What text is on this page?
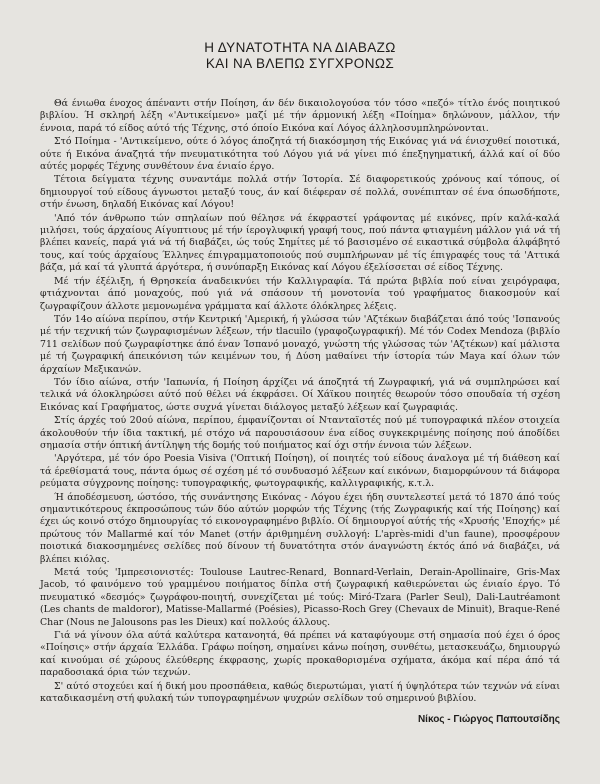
Η ΔΥΝΑΤΟΤΗΤΑ ΝΑ ΔΙΑΒΑΖΩ
ΚΑΙ ΝΑ ΒΛΕΠΩ ΣΥΓΧΡΟΝΩΣ

Θά ένιωθα ένοχος άπέναντι στήν Ποίηση, άν δέν δικαιολογούσα τόν τόσο «πεζό» τίτλο ένός ποιητικού βιβλίου. Ή σκληρή λέξη «'Αντικείμενο» μαζί μέ τήν άρμονική λέξη «Ποίημα» δηλώνουν, μάλλον, τήν έννοια, παρά τό είδος αύτό τής Τέχνης, στό όποίο Εικόνα καί Λόγος άλληλοσυμπληρώνονται.

Στό Ποίημα - 'Αντικείμενο, ούτε ό λόγος άποζητά τή διακόσμηση τής Εικόνας γιά νά ένισχυθεί ποιοτικά, ούτε ή Εικόνα άναζητά τήν πνευματικότητα τού Λόγου γιά νά γίνει πιό έπεξηγηματική, άλλά καί οί δύο αύτές μορφές Τέχνης συνθέτουν ένα ένιαίο έργο.

Τέτοια δείγματα τέχνης συναντάμε πολλά στήν Ίστορία. Σέ διαφορετικούς χρόνους καί τόπους, οί δημιουργοί τού είδους άγνωστοι μεταξύ τους, άν καί διέφεραν σέ πολλά, συνέπιπταν σέ ένα όπωσδήποτε, στήν ένωση, δηλαδή Εικόνας καί Λόγου!

'Από τόν άνθρωπο τών σπηλαίων πού θέλησε νά έκφραστεί γράφοντας μέ εικόνες, πρίν καλά-καλά μιλήσει, τούς άρχαίους Αίγυπτιους μέ τήν ίερογλυφική γραφή τους, πού πάντα φτιαγμένη μάλλον γιά νά τή βλέπει κανείς, παρά γιά νά τή διαβάζει, ώς τούς Σημίτες μέ τό βασισμένο σέ εικαστικά σύμβολα άλφάβητό τους, καί τούς άρχαίους Έλληνες έπιγραμματοποιούς πού συμπλήρωναν μέ τίς έπιγραφές τους τά 'Αττικά βάζα, μά καί τά γλυπτά άργότερα, ή συνύπαρξη Εικόνας καί Λόγου έξελίσσεται σέ είδος Τέχνης.

Μέ τήν έξέλιξη, ή Θρησκεία άναδεικνύει τήν Καλλιγραφία. Τά πρώτα βιβλία πού είναι χειρόγραφα, φτιάχνονται άπό μοναχούς, πού γιά νά σπάσουν τή μονοτονία τού γραφήματος διακοσμούν καί ζωγραφίζουν άλλοτε μεμονωμένα γράμματα καί άλλοτε όλόκληρες λέξεις.

Τόν 14ο αίώνα περίπου, στήν Κεντρική 'Αμερική, ή γλώσσα τών 'Αζτέκων διαβάζεται άπό τούς 'Ισπανούς μέ τήν τεχνική τών ζωγραφισμένων λέξεων, τήν tlacuilo (γραφοζωγραφική). Μέ τόν Codex Mendoza (βιβλίο 711 σελίδων πού ζωγραφίστηκε άπό έναν Ίσπανό μοναχό, γνώστη τής γλώσσας τών 'Αζτέκων) καί μάλιστα μέ τή ζωγραφική άπεικόνιση τών κειμένων του, ή Δύση μαθαίνει τήν ίστορία τών Maya καί όλων τών άρχαίων Μεξικανών.

Τόν ίδιο αίώνα, στήν 'Ιαπωνία, ή Ποίηση άρχίζει νά άποζητά τή Ζωγραφική, γιά νά συμπληρώσει καί τελικά νά όλοκληρώσει αύτό πού θέλει νά έκφράσει. Οί Χάϊκου ποιητές θεωρούν τόσο σπουδαία τή σχέση Εικόνας καί Γραφήματος, ώστε συχνά γίνεται διάλογος μεταξύ λέξεων καί ζωγραφιάς.

Στίς άρχές τού 20ού αίώνα, περίπου, έμφανίζονται οί Ντανταϊστές πού μέ τυπογραφικά πλέον στοιχεία άκολουθούν τήν ίδια τακτική, μέ στόχο νά παρουσιάσουν ένα είδος συγκεκριμένης ποίησης πού άποδίδει σημασία στήν όπτική άντίληψη τής δομής τού ποιήματος καί όχι στήν έννοια τών λέξεων.

'Αργότερα, μέ τόν όρο Poesia Visiva ('Οπτική Ποίηση), οί ποιητές τού είδους άναλογα μέ τή διάθεση καί τά έρεθίσματά τους, πάντα όμως σέ σχέση μέ τό συνδυασμό λέξεων καί εικόνων, διαμορφώνουν τά διάφορα ρεύματα σύγχρονης ποίησης: τυπογραφικής, φωτογραφικής, καλλιγραφικής, κ.τ.λ.

Ή άποδέσμευση, ώστόσο, τής συνάντησης Εικόνας - Λόγου έχει ήδη συντελεστεί μετά τό 1870 άπό τούς σημαντικότερους έκπροσώπους τών δύο αύτών μορφών τής Τέχνης (τής Ζωγραφικής καί τής Ποίησης) καί έχει ώς κοινό στόχο δημιουργίας τό εικονογραφημένο βιβλίο. Οί δημιουργοί αύτής τής «Χρυσής 'Εποχής» μέ πρώτους τόν Mallarmé καί τόν Manet (στήν άριθμημένη συλλογή: L'après-midi d'un faune), προσφέρουν ποιοτικά διακοσμημένες σελίδες πού δίνουν τή δυνατότητα στόν άναγνώστη έκτός άπό νά διαβάζει, νά βλέπει κιόλας.

Μετά τούς 'Ιμπρεσιονιστές: Toulouse Lautrec-Renard, Bonnard-Verlain, Derain-Apollinaire, Gris-Max Jacob, τό φαινόμενο τού γραμμένου ποιήματος δίπλα στή ζωγραφική καθιερώνεται ώς ένιαίο έργο. Τό πνευματικό «δεσμός» ζωγράφου-ποιητή, συνεχίζεται μέ τούς: Miró-Tzara (Parler Seul), Dali-Lautréamont (Les chants de maldoror), Matisse-Mallarmé (Poésies), Picasso-Roch Grey (Chevaux de Minuit), Braque-René Char (Nous ne Jalousons pas les Dieux) καί πολλούς άλλους.

Γιά νά γίνουν όλα αύτά καλύτερα κατανοητά, θά πρέπει νά καταφύγουμε στή σημασία πού έχει ό όρος «Ποίησις» στήν άρχαία Έλλάδα. Γράφω ποίηση, σημαίνει κάνω ποίηση, συνθέτω, μετασκευάζω, δημιουργώ καί κινούμαι σέ χώρους έλεύθερης έκφρασης, χωρίς προκαθορισμένα σχήματα, άκόμα καί πέρα άπό τά παραδοσιακά όρια τών τεχνών.

Σ' αύτό στοχεύει καί ή δική μου προσπάθεια, καθώς διερωτώμαι, γιατί ή ύψηλότερα τών τεχνών νά είναι καταδικασμένη στή φυλακή τών τυπογραφημένων ψυχρών σελίδων τού σημερινού βιβλίου.

Νίκος - Γιώργος Παπουτσίδης
